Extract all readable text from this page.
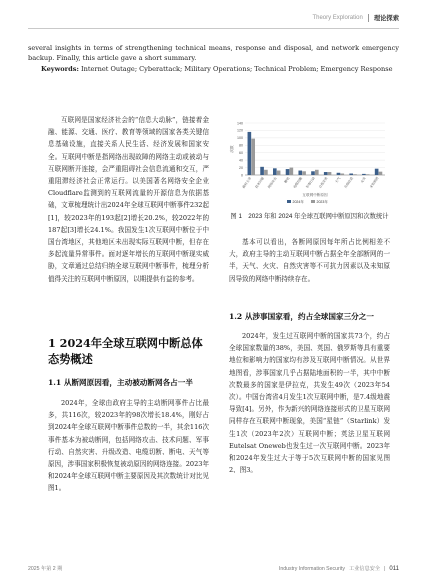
Theory Exploration 理论探索
several insights in terms of strengthening technical means, response and disposal, and network emergency backup. Finally, this article gave a short summary.
Keywords: Internet Outage; Cyberattack; Military Operations; Technical Problem; Emergency Response

互联网是国家经济社会的“信息大动脉”，链接着金融、能源、交通、医疗、教育等领域的国家各类关键信息基础设施，直接关系人民生活、经济发展和国家安全。互联网中断是指网络出现故障的网络主动或被动与互联网断开连接，会严重阻碍社会信息流通和交互，严重阻滞经济社会正常运行。以美国著名网络安全企业Cloudflare监测到的互联网流量的开源信息为依据基础，文章梳理统计出2024年全球互联网中断事件232起[1]，较2023年的193起[2]增长20.2%，较2022年的187起[3]增长24.1%。我国发生1次互联网中断位于中国台湾地区，其他地区未出现实际互联网中断，但存在多起流量异常事件。面对逐年增长的互联网中断现实威胁，文章通过总结归纳全球互联网中断事件，梳理分析值得关注的互联网中断原因，以期提供有益的参考。

1 2024年全球互联网中断总体态势概述
1.1 从断网原因看，主动被动断网各占一半

2024年，全球由政府主导的主动断网事件占比最多，共116次，较2023年的98次增长18.4%，刚好占到2024年全球互联网中断事件总数的一半，其余116次事件基本为被动断网，包括网络攻击、技术问题、军事行动、自然灾害、升级改造、电缆切断、断电、天气等原因，涉事国家积极恢复被动原因的网络连接。2023年和2024年全球互联网中断主要原因及其次数统计对比见图1。

0
20
40
60
80
100
120
140
次数
政府主导 技术问题 网络攻击 断电 电缆切断 军事行动 自然灾害 天气 升级改造 火灾 未知原因
互联网中断原因
2024年	2023年
图 1　2023 年和 2024 年全球互联网中断原因和次数统计

基本可以看出，各断网原因每年所占比例相差不大，政府主导的主动互联网中断占据全年全部断网的一半，天气、火灾、自然灾害等不可抗力因素以及未知原因导致的网络中断持续存在。

1.2 从涉事国家看，约占全球国家三分之一

2024年，发生过互联网中断的国家共73个，约占全球国家数量的38%，美国、英国、俄罗斯等具有重要地位和影响力的国家均有涉及互联网中断情况。从世界地图看，涉事国家几乎占据陆地面积的一半，其中中断次数最多的国家是伊拉克，共发生49次（2023年54次）。中国台湾省4月发生1次互联网中断，是7.4级地震导致[4]。另外，作为新兴的网络连接形式的卫星互联网同样存在互联网中断现象，美国“星链”（Starlink）发生1次（2023年2次）互联网中断；英法卫星互联网Eutelsat Oneweb也发生过一次互联网中断。2023年和2024年发生过大于等于5次互联网中断的国家见图2、图3。

2025 年第 2 期	Industry Information Security 工业信息安全 | 011
